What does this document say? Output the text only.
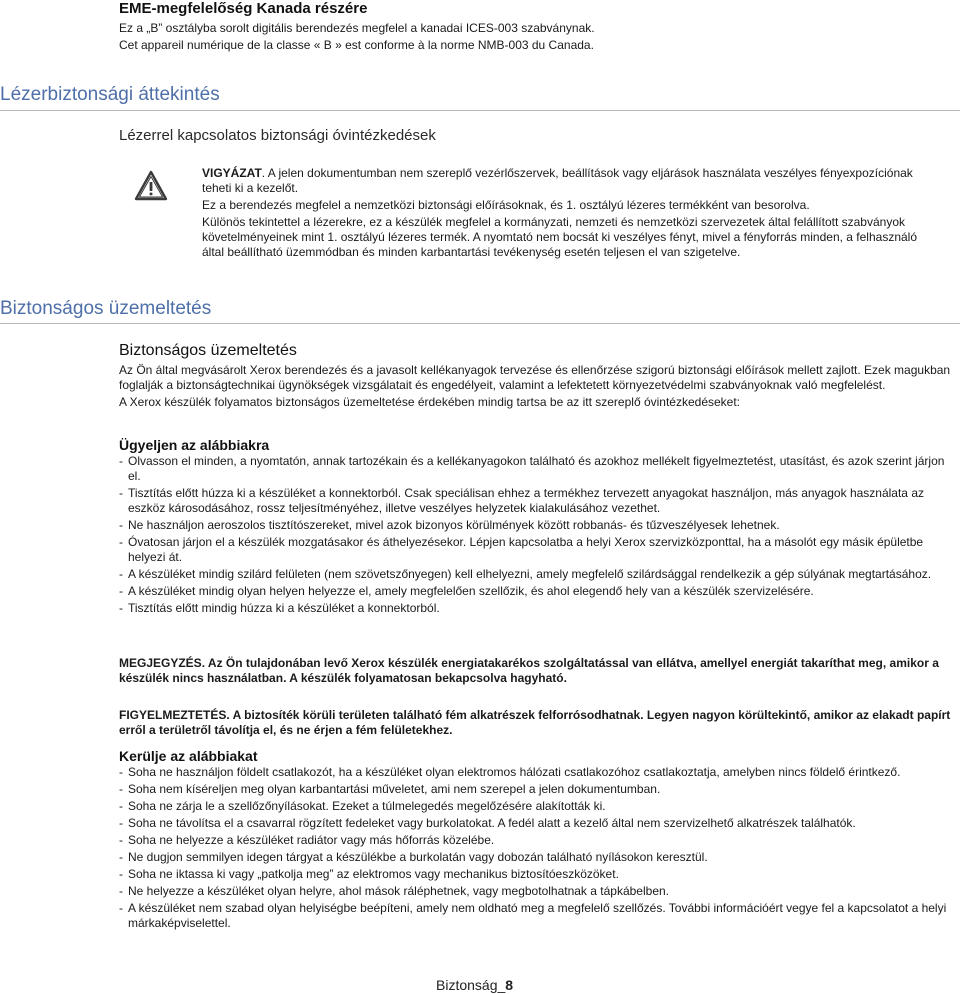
EME-megfelelőség Kanada részére

Ez a „B” osztályba sorolt digitális berendezés megfelel a kanadai ICES-003 szabványnak.

Cet appareil numérique de la classe « B » est conforme à la norme NMB-003 du Canada.

Lézerbiztonsági áttekintés
Lézerrel kapcsolatos biztonsági óvintézkedések

VIGYÁZAT. A jelen dokumentumban nem szereplő vezérlőszervek, beállítások vagy eljárások használata veszélyes fényexpozíciónak teheti ki a kezelőt.

Ez a berendezés megfelel a nemzetközi biztonsági előírásoknak, és 1. osztályú lézeres termékként van besorolva.

Különös tekintettel a lézerekre, ez a készülék megfelel a kormányzati, nemzeti és nemzetközi szervezetek által felállított szabványok követelményeinek mint 1. osztályú lézeres termék. A nyomtató nem bocsát ki veszélyes fényt, mivel a fényforrás minden, a felhasználó által beállítható üzemmódban és minden karbantartási tevékenység esetén teljesen el van szigetelve.

Biztonságos üzemeltetés
Biztonságos üzemeltetés

Az Ön által megvásárolt Xerox berendezés és a javasolt kellékanyagok tervezése és ellenőrzése szigorú biztonsági előírások mellett zajlott. Ezek magukban foglalják a biztonságtechnikai ügynökségek vizsgálatait és engedélyeit, valamint a lefektetett környezetvédelmi szabványoknak való megfelelést.

A Xerox készülék folyamatos biztonságos üzemeltetése érdekében mindig tartsa be az itt szereplő óvintézkedéseket:

Ügyeljen az alábbiakra
- Olvasson el minden, a nyomtatón, annak tartozékain és a kellékanyagokon található és azokhoz mellékelt figyelmeztetést, utasítást, és azok szerint járjon el.
- Tisztítás előtt húzza ki a készüléket a konnektorból. Csak speciálisan ehhez a termékhez tervezett anyagokat használjon, más anyagok használata az eszköz károsodásához, rossz teljesítményéhez, illetve veszélyes helyzetek kialakulásához vezethet.
- Ne használjon aeroszolos tisztítószereket, mivel azok bizonyos körülmények között robbanás- és tűzveszélyesek lehetnek.
- Óvatosan járjon el a készülék mozgatásakor és áthelyezésekor. Lépjen kapcsolatba a helyi Xerox szervizközponttal, ha a másolót egy másik épületbe helyezi át.
- A készüléket mindig szilárd felületen (nem szövetszőnyegen) kell elhelyezni, amely megfelelő szilárdsággal rendelkezik a gép súlyának megtartásához.
- A készüléket mindig olyan helyen helyezze el, amely megfelelően szellőzik, és ahol elegendő hely van a készülék szervizelésére.
- Tisztítás előtt mindig húzza ki a készüléket a konnektorból.

MEGJEGYZÉS. Az Ön tulajdonában levő Xerox készülék energiatakarékos szolgáltatással van ellátva, amellyel energiát takaríthat meg, amikor a készülék nincs használatban. A készülék folyamatosan bekapcsolva hagyható.

FIGYELMEZTETÉS. A biztosíték körüli területen található fém alkatrészek felforrósodhatnak. Legyen nagyon körültekintő, amikor az elakadt papírt erről a területről távolítja el, és ne érjen a fém felületekhez.

Kerülje az alábbiakat
- Soha ne használjon földelt csatlakozót, ha a készüléket olyan elektromos hálózati csatlakozóhoz csatlakoztatja, amelyben nincs földelő érintkező.
- Soha nem kíséreljen meg olyan karbantartási műveletet, ami nem szerepel a jelen dokumentumban.
- Soha ne zárja le a szellőzőnyílásokat. Ezeket a túlmelegedés megelőzésére alakították ki.
- Soha ne távolítsa el a csavarral rögzített fedeleket vagy burkolatokat. A fedél alatt a kezelő által nem szervizelhető alkatrészek találhatók.
- Soha ne helyezze a készüléket radiátor vagy más hőforrás közelébe.
- Ne dugjon semmilyen idegen tárgyat a készülékbe a burkolatán vagy dobozán található nyílásokon keresztül.
- Soha ne iktassa ki vagy „patkolja meg” az elektromos vagy mechanikus biztosítóeszközöket.
- Ne helyezze a készüléket olyan helyre, ahol mások ráléphetnek, vagy megbotolhatnak a tápkábelben.
- A készüléket nem szabad olyan helyiségbe beépíteni, amely nem oldható meg a megfelelő szellőzés. További információért vegye fel a kapcsolatot a helyi márkaképviselettel.
Biztonság_8
